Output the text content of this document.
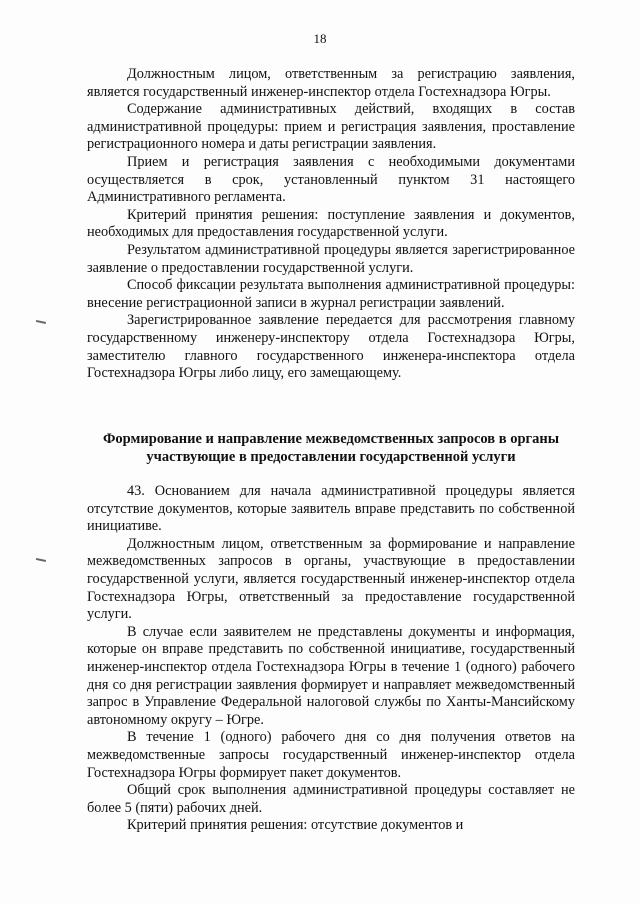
18

Должностным лицом, ответственным за регистрацию заявления, является государственный инженер-инспектор отдела Гостехнадзора Югры.

Содержание административных действий, входящих в состав административной процедуры: прием и регистрация заявления, проставление регистрационного номера и даты регистрации заявления.

Прием и регистрация заявления с необходимыми документами осуществляется в срок, установленный пунктом 31 настоящего Административного регламента.

Критерий принятия решения: поступление заявления и документов, необходимых для предоставления государственной услуги.

Результатом административной процедуры является зарегистрированное заявление о предоставлении государственной услуги.

Способ фиксации результата выполнения административной процедуры: внесение регистрационной записи в журнал регистрации заявлений.

Зарегистрированное заявление передается для рассмотрения главному государственному инженеру-инспектору отдела Гостехнадзора Югры, заместителю главного государственного инженера-инспектора отдела Гостехнадзора Югры либо лицу, его замещающему.

Формирование и направление межведомственных запросов в органы участвующие в предоставлении государственной услуги

43. Основанием для начала административной процедуры является отсутствие документов, которые заявитель вправе представить по собственной инициативе.

Должностным лицом, ответственным за формирование и направление межведомственных запросов в органы, участвующие в предоставлении государственной услуги, является государственный инженер-инспектор отдела Гостехнадзора Югры, ответственный за предоставление государственной услуги.

В случае если заявителем не представлены документы и информация, которые он вправе представить по собственной инициативе, государственный инженер-инспектор отдела Гостехнадзора Югры в течение 1 (одного) рабочего дня со дня регистрации заявления формирует и направляет межведомственный запрос в Управление Федеральной налоговой службы по Ханты-Мансийскому автономному округу – Югре.

В течение 1 (одного) рабочего дня со дня получения ответов на межведомственные запросы государственный инженер-инспектор отдела Гостехнадзора Югры формирует пакет документов.

Общий срок выполнения административной процедуры составляет не более 5 (пяти) рабочих дней.

Критерий принятия решения: отсутствие документов и
